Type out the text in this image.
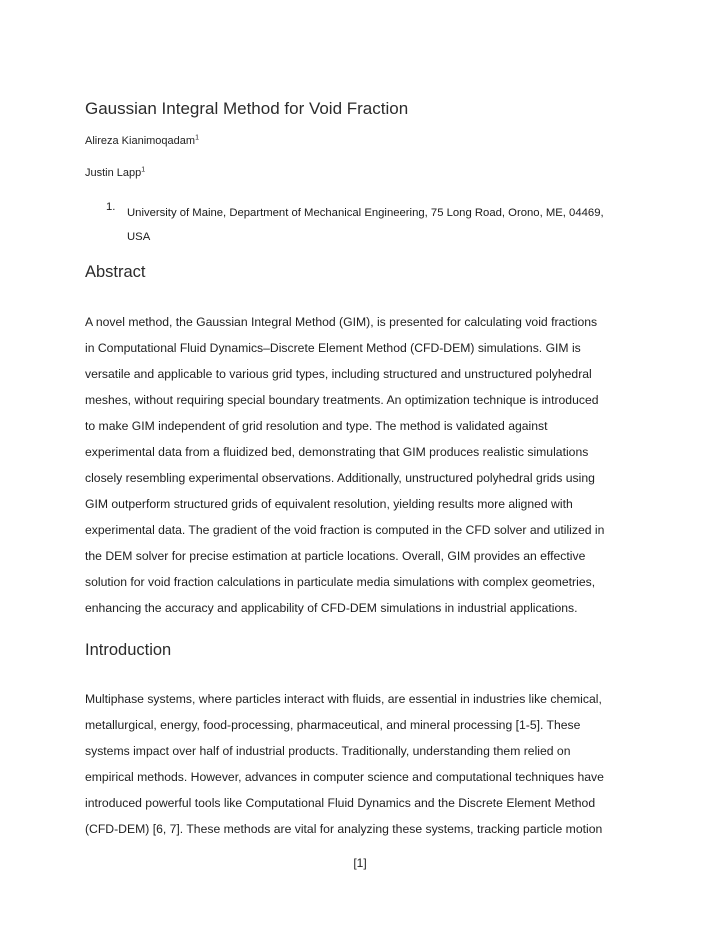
Gaussian Integral Method for Void Fraction
Alireza Kianimoqadam$^1$
Justin Lapp$^1$
1. University of Maine, Department of Mechanical Engineering, 75 Long Road, Orono, ME, 04469,
USA
Abstract
A novel method, the Gaussian Integral Method (GIM), is presented for calculating void fractions
in Computational Fluid Dynamics–Discrete Element Method (CFD-DEM) simulations. GIM is
versatile and applicable to various grid types, including structured and unstructured polyhedral
meshes, without requiring special boundary treatments. An optimization technique is introduced
to make GIM independent of grid resolution and type. The method is validated against
experimental data from a fluidized bed, demonstrating that GIM produces realistic simulations
closely resembling experimental observations. Additionally, unstructured polyhedral grids using
GIM outperform structured grids of equivalent resolution, yielding results more aligned with
experimental data. The gradient of the void fraction is computed in the CFD solver and utilized in
the DEM solver for precise estimation at particle locations. Overall, GIM provides an effective
solution for void fraction calculations in particulate media simulations with complex geometries,
enhancing the accuracy and applicability of CFD-DEM simulations in industrial applications.
Introduction
Multiphase systems, where particles interact with fluids, are essential in industries like chemical,
metallurgical, energy, food-processing, pharmaceutical, and mineral processing [1-5]. These
systems impact over half of industrial products. Traditionally, understanding them relied on
empirical methods. However, advances in computer science and computational techniques have
introduced powerful tools like Computational Fluid Dynamics and the Discrete Element Method
(CFD-DEM) [6, 7]. These methods are vital for analyzing these systems, tracking particle motion
[1]
